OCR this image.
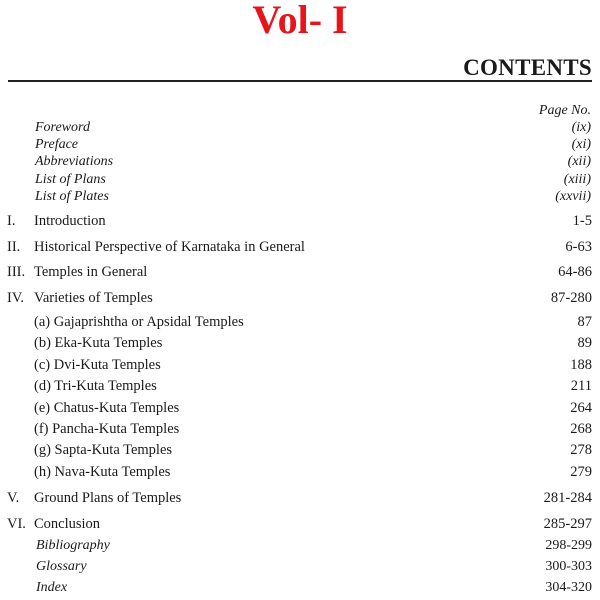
Vol- I
CONTENTS
Page No.
Foreword	(ix)
Preface	(xi)
Abbreviations	(xii)
List of Plans	(xiii)
List of Plates	(xxvii)
I. Introduction	1-5
II. Historical Perspective of Karnataka in General	6-63
III. Temples in General	64-86
IV. Varieties of Temples	87-280
(a) Gajaprishtha or Apsidal Temples	87
(b) Eka-Kuta Temples	89
(c) Dvi-Kuta Temples	188
(d) Tri-Kuta Temples	211
(e) Chatus-Kuta Temples	264
(f) Pancha-Kuta Temples	268
(g) Sapta-Kuta Temples	278
(h) Nava-Kuta Temples	279
V. Ground Plans of Temples	281-284
VI. Conclusion	285-297
Bibliography	298-299
Glossary	300-303
Index	304-320
